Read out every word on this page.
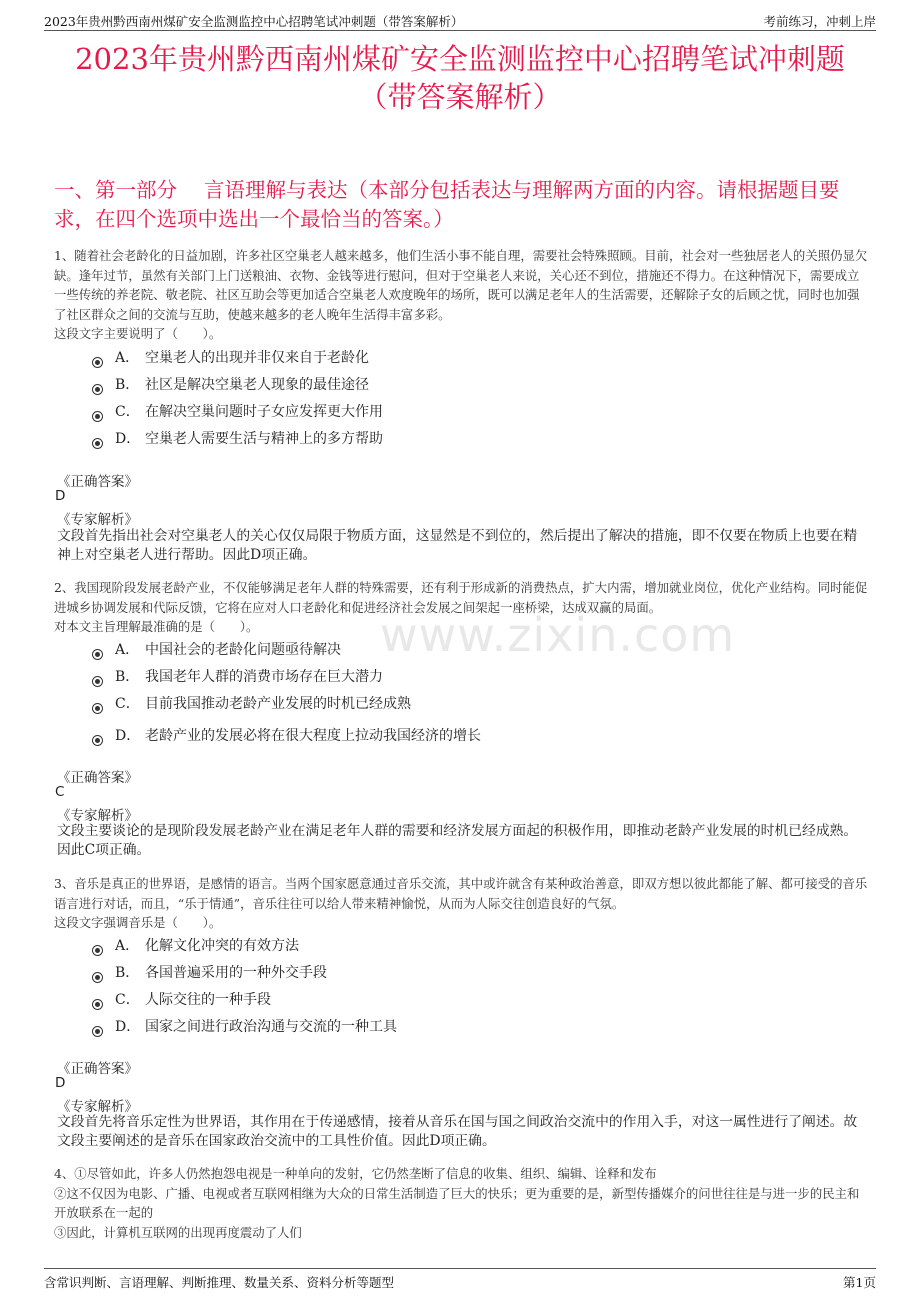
2023年贵州黔西南州煤矿安全监测监控中心招聘笔试冲刺题（带答案解析）	考前练习，冲刺上岸
2023年贵州黔西南州煤矿安全监测监控中心招聘笔试冲刺题
（带答案解析）
一、第一部分　 言语理解与表达（本部分包括表达与理解两方面的内容。请根据题目要求，在四个选项中选出一个最恰当的答案。）
www.zixin.com
1、随着社会老龄化的日益加剧，许多社区空巢老人越来越多，他们生活小事不能自理，需要社会特殊照顾。目前，社会对一些独居老人的关照仍显欠缺。逢年过节，虽然有关部门上门送粮油、衣物、金钱等进行慰问，但对于空巢老人来说，关心还不到位，措施还不得力。在这种情况下，需要成立一些传统的养老院、敬老院、社区互助会等更加适合空巢老人欢度晚年的场所，既可以满足老年人的生活需要，还解除子女的后顾之忧，同时也加强了社区群众之间的交流与互助，使越来越多的老人晚年生活得丰富多彩。
这段文字主要说明了（　　）。
A． 空巢老人的出现并非仅来自于老龄化
B． 社区是解决空巢老人现象的最佳途径
C． 在解决空巢问题时子女应发挥更大作用
D． 空巢老人需要生活与精神上的多方帮助
《正确答案》
D
《专家解析》
文段首先指出社会对空巢老人的关心仅仅局限于物质方面，这显然是不到位的，然后提出了解决的措施，即不仅要在物质上也要在精神上对空巢老人进行帮助。因此D项正确。
2、我国现阶段发展老龄产业，不仅能够满足老年人群的特殊需要，还有利于形成新的消费热点，扩大内需，增加就业岗位，优化产业结构。同时能促进城乡协调发展和代际反馈，它将在应对人口老龄化和促进经济社会发展之间架起一座桥梁，达成双赢的局面。
对本文主旨理解最准确的是（　　）。
A． 中国社会的老龄化问题亟待解决
B． 我国老年人群的消费市场存在巨大潜力
C． 目前我国推动老龄产业发展的时机已经成熟
D． 老龄产业的发展必将在很大程度上拉动我国经济的增长
《正确答案》
C
《专家解析》
文段主要谈论的是现阶段发展老龄产业在满足老年人群的需要和经济发展方面起的积极作用，即推动老龄产业发展的时机已经成熟。因此C项正确。
3、音乐是真正的世界语，是感情的语言。当两个国家愿意通过音乐交流，其中或许就含有某种政治善意，即双方想以彼此都能了解、都可接受的音乐语言进行对话，而且，“乐于情通”，音乐往往可以给人带来精神愉悦，从而为人际交往创造良好的气氛。
这段文字强调音乐是（　　）。
A． 化解文化冲突的有效方法
B． 各国普遍采用的一种外交手段
C． 人际交往的一种手段
D． 国家之间进行政治沟通与交流的一种工具
《正确答案》
D
《专家解析》
文段首先将音乐定性为世界语，其作用在于传递感情，接着从音乐在国与国之间政治交流中的作用入手，对这一属性进行了阐述。故文段主要阐述的是音乐在国家政治交流中的工具性价值。因此D项正确。
4、①尽管如此，许多人仍然抱怨电视是一种单向的发射，它仍然垄断了信息的收集、组织、编辑、诠释和发布
②这不仅因为电影、广播、电视或者互联网相继为大众的日常生活制造了巨大的快乐；更为重要的是，新型传播媒介的问世往往是与进一步的民主和开放联系在一起的
③因此，计算机互联网的出现再度震动了人们
含常识判断、言语理解、判断推理、数量关系、资料分析等题型	第1页
